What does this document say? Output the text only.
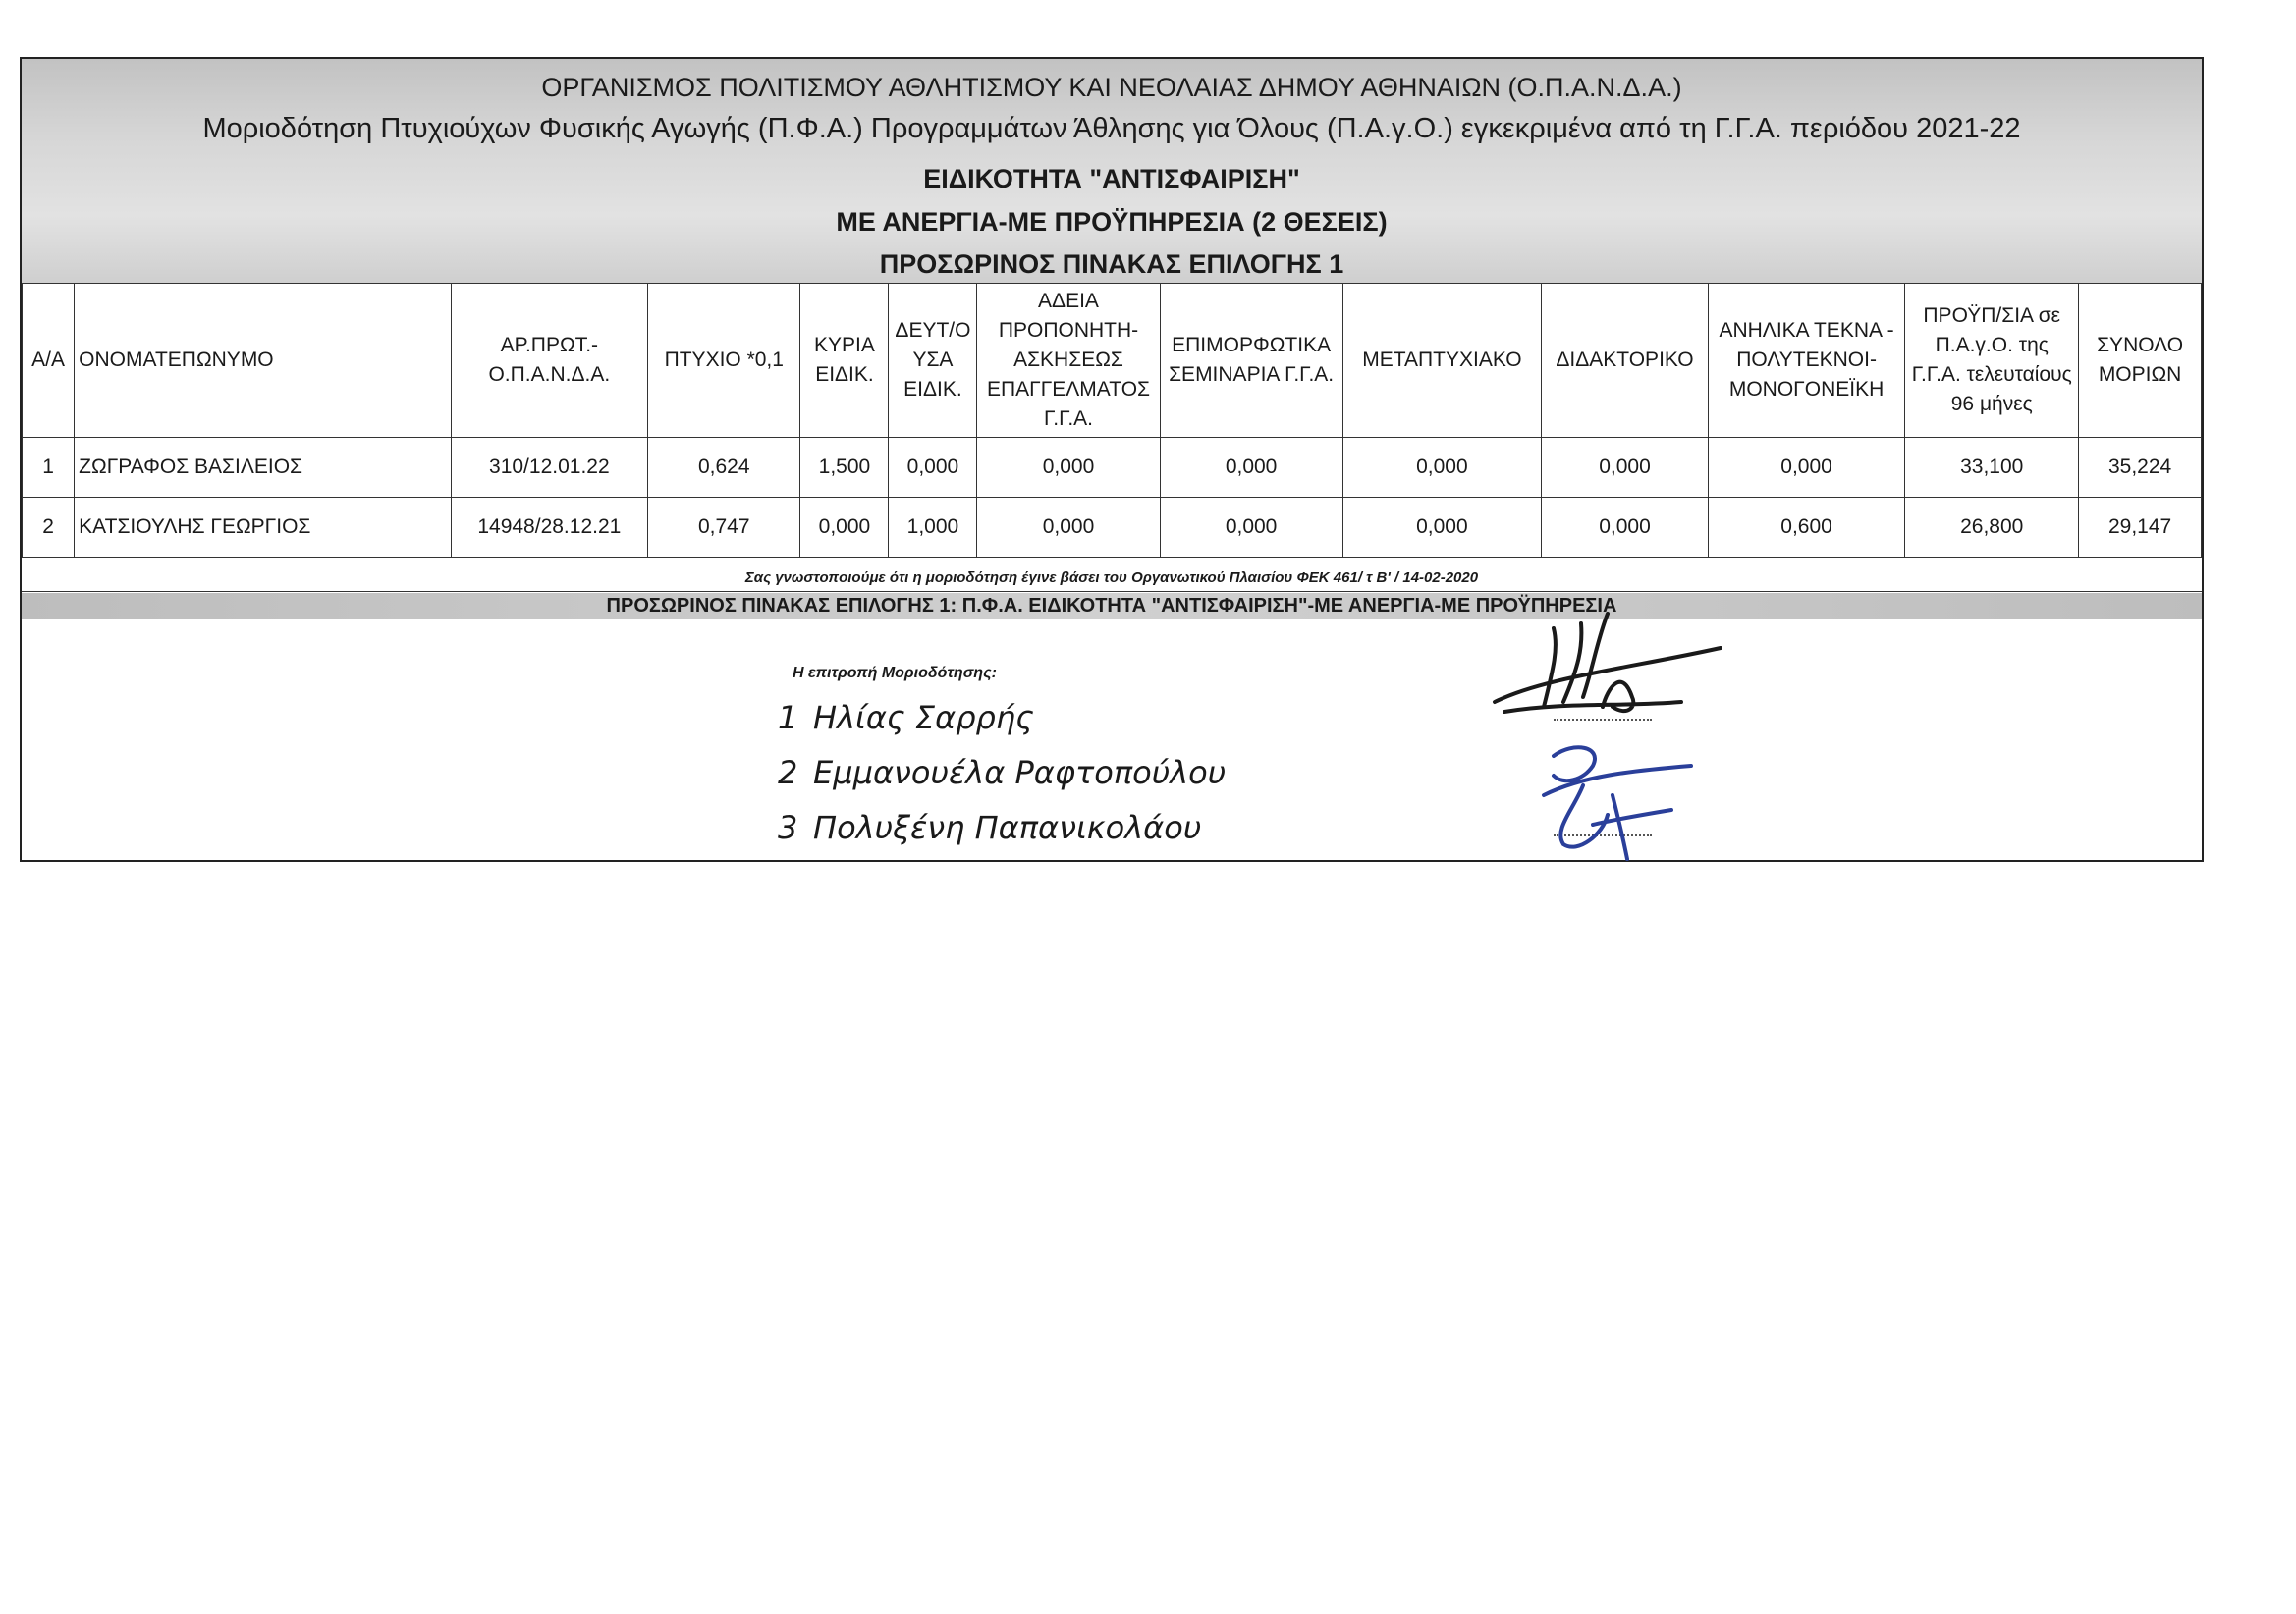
ΟΡΓΑΝΙΣΜΟΣ ΠΟΛΙΤΙΣΜΟΥ ΑΘΛΗΤΙΣΜΟΥ ΚΑΙ ΝΕΟΛΑΙΑΣ ΔΗΜΟΥ ΑΘΗΝΑΙΩΝ (Ο.Π.Α.Ν.Δ.Α.)
Μοριοδότηση Πτυχιούχων Φυσικής Αγωγής (Π.Φ.Α.) Προγραμμάτων Άθλησης για Όλους (Π.Α.γ.Ο.) εγκεκριμένα από τη Γ.Γ.Α. περιόδου 2021-22
ΕΙΔΙΚΟΤΗΤΑ "ΑΝΤΙΣΦΑΙΡΙΣΗ"
ΜΕ ΑΝΕΡΓΙΑ-ΜΕ ΠΡΟΫΠΗΡΕΣΙΑ (2 ΘΕΣΕΙΣ)
ΠΡΟΣΩΡΙΝΟΣ ΠΙΝΑΚΑΣ ΕΠΙΛΟΓΗΣ 1
Α/Α	ΟΝΟΜΑΤΕΠΩΝΥΜΟ	ΑΡ.ΠΡΩΤ.- Ο.Π.Α.Ν.Δ.Α.	ΠΤΥΧΙΟ *0,1	ΚΥΡΙΑ ΕΙΔΙΚ.	ΔΕΥΤ/Ο ΥΣΑ ΕΙΔΙΚ.	ΑΔΕΙΑ ΠΡΟΠΟΝΗΤΗ- ΑΣΚΗΣΕΩΣ ΕΠΑΓΓΕΛΜΑΤΟΣ Γ.Γ.Α.	ΕΠΙΜΟΡΦΩΤΙΚΑ ΣΕΜΙΝΑΡΙΑ Γ.Γ.Α.	ΜΕΤΑΠΤΥΧΙΑΚΟ	ΔΙΔΑΚΤΟΡΙΚΟ	ΑΝΗΛΙΚΑ ΤΕΚΝΑ - ΠΟΛΥΤΕΚΝΟΙ- ΜΟΝΟΓΟΝΕΪΚΗ	ΠΡΟΫΠ/ΣΙΑ σε Π.Α.γ.Ο. της Γ.Γ.Α. τελευταίους 96 μήνες	ΣΥΝΟΛΟ ΜΟΡΙΩΝ
1	ΖΩΓΡΑΦΟΣ ΒΑΣΙΛΕΙΟΣ	310/12.01.22	0,624	1,500	0,000	0,000	0,000	0,000	0,000	0,000	33,100	35,224
2	ΚΑΤΣΙΟΥΛΗΣ ΓΕΩΡΓΙΟΣ	14948/28.12.21	0,747	0,000	1,000	0,000	0,000	0,000	0,000	0,600	26,800	29,147
Σας γνωστοποιούμε ότι η μοριοδότηση έγινε βάσει του Οργανωτικού Πλαισίου ΦΕΚ 461/ τ Β' / 14-02-2020
ΠΡΟΣΩΡΙΝΟΣ ΠΙΝΑΚΑΣ ΕΠΙΛΟΓΗΣ 1: Π.Φ.Α. ΕΙΔΙΚΟΤΗΤΑ "ΑΝΤΙΣΦΑΙΡΙΣΗ"-ΜΕ ΑΝΕΡΓΙΑ-ΜΕ ΠΡΟΫΠΗΡΕΣΙΑ
Η επιτροπή Μοριοδότησης:
1 Ηλίας Σαρρής
2 Εμμανουέλα Ραφτοπούλου
3 Πολυξένη Παπανικολάου
